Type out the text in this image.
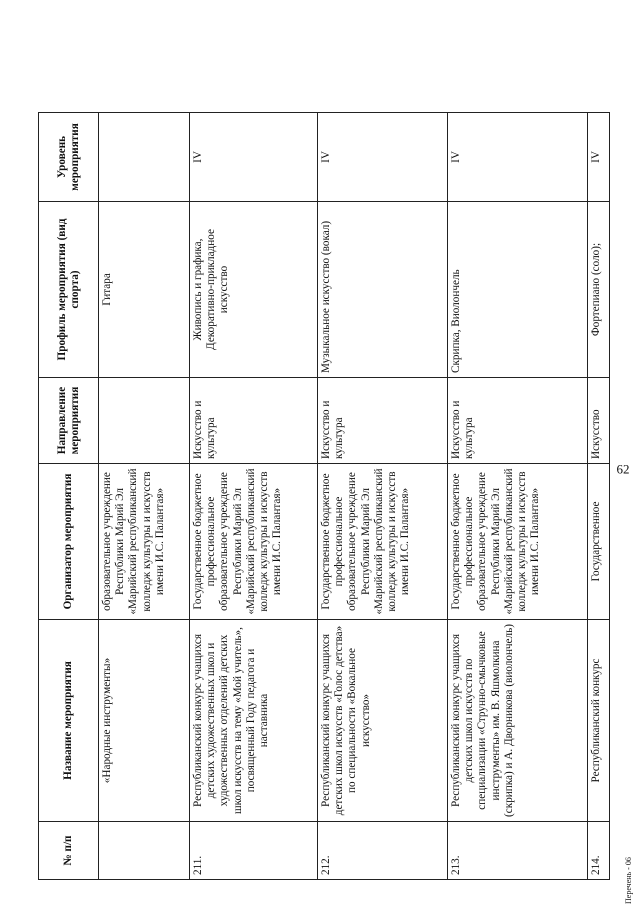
62
№ п/п	Название мероприятия	Организатор мероприятия	Направление мероприятия	Профиль мероприятия (вид спорта)	Уровень мероприятия
	«Народные инструменты»	образовательное учреждение Республики Марий Эл «Марийский республиканский колледж культуры и искусств имени И.С. Палантая»		Гитара	
211.	Республиканский конкурс учащихся детских художественных школ и художественных отделений детских школ искусств на тему «Мой учитель», посвященный Году педагога и наставника	Государственное бюджетное профессиональное образовательное учреждение Республики Марий Эл «Марийский республиканский колледж культуры и искусств имени И.С. Палантая»	Искусство и культура	Живопись и графика, Декоративно-прикладное искусство	IV
212.	Республиканский конкурс учащихся детских школ искусств «Голос детства» по специальности «Вокальное искусство»	Государственное бюджетное профессиональное образовательное учреждение Республики Марий Эл «Марийский республиканский колледж культуры и искусств имени И.С. Палантая»	Искусство и культура	Музыкальное искусство (вокал)	IV
213.	Республиканский конкурс учащихся детских школ искусств по специализации «Струнно-смычковые инструменты» им. В. Яшмолкина (скрипка) и А. Дворникова (виолончель)	Государственное бюджетное профессиональное образовательное учреждение Республики Марий Эл «Марийский республиканский колледж культуры и искусств имени И.С. Палантая»	Искусство и культура	Скрипка, Виолончель	IV
214.	Республиканский конкурс	Государственное	Искусство	Фортепиано (соло);	IV
Перечень - 06
